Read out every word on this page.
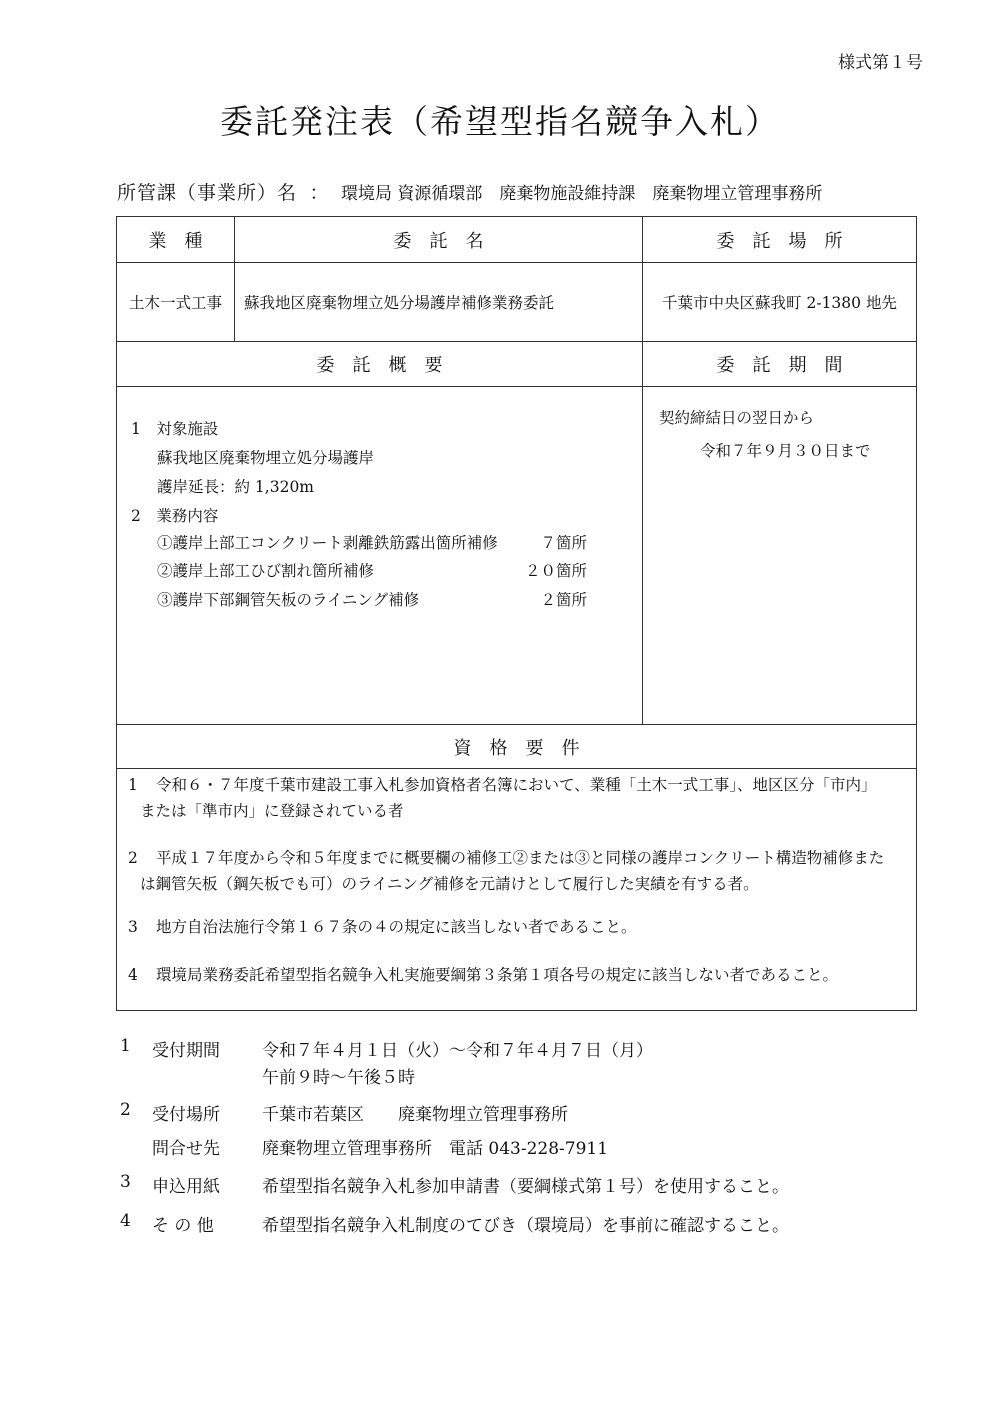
様式第１号
委託発注表（希望型指名競争入札）
所管課（事業所）名 ： 環境局 資源循環部　廃棄物施設維持課　廃棄物埋立管理事務所
業　種	委　託　名	委　託　場　所
土木一式工事	蘇我地区廃棄物埋立処分場護岸補修業務委託	千葉市中央区蘇我町 2-1380 地先
委　託　概　要	委　託　期　間
1　対象施設
蘇我地区廃棄物埋立処分場護岸
護岸延長：約 1,320m
2　業務内容
①護岸上部工コンクリート剥離鉄筋露出箇所補修	７箇所
②護岸上部工ひび割れ箇所補修	２０箇所
③護岸下部鋼管矢板のライニング補修	２箇所
契約締結日の翌日から
令和７年９月３０日まで
資　格　要　件
1 令和６・７年度千葉市建設工事入札参加資格者名簿において、業種「土木一式工事」、地区区分「市内」
または「準市内」に登録されている者
2 平成１７年度から令和５年度までに概要欄の補修工②または③と同様の護岸コンクリート構造物補修また
は鋼管矢板（鋼矢板でも可）のライニング補修を元請けとして履行した実績を有する者。
3 地方自治法施行令第１６７条の４の規定に該当しない者であること。
4 環境局業務委託希望型指名競争入札実施要綱第３条第１項各号の規定に該当しない者であること。
1 受付期間 令和７年４月１日（火）～令和７年４月７日（月）
午前９時～午後５時
2 受付場所 千葉市若葉区　　廃棄物埋立管理事務所
問合せ先 廃棄物埋立管理事務所　電話 043-228-7911
3 申込用紙 希望型指名競争入札参加申請書（要綱様式第１号）を使用すること。
4 そ の 他	希望型指名競争入札制度のてびき（環境局）を事前に確認すること。
